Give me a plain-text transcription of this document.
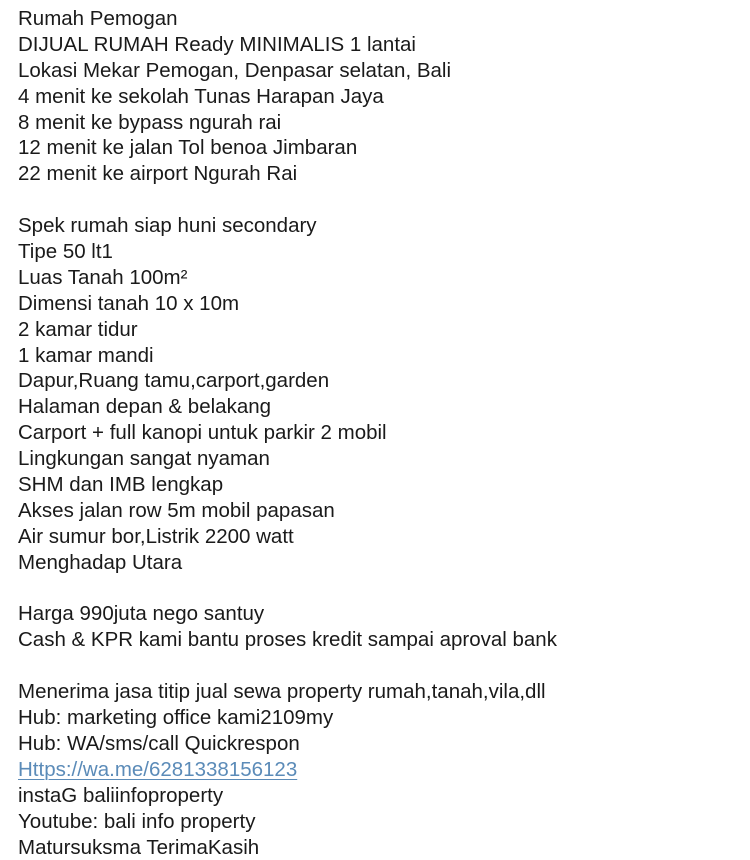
Rumah Pemogan
DIJUAL RUMAH Ready MINIMALIS 1 lantai
Lokasi Mekar Pemogan, Denpasar selatan, Bali
4 menit ke sekolah Tunas Harapan Jaya
8 menit ke bypass ngurah rai
12 menit ke jalan Tol benoa Jimbaran
22 menit ke airport Ngurah Rai
Spek rumah siap huni secondary
Tipe 50 lt1
Luas Tanah 100m²
Dimensi tanah 10 x 10m
2 kamar tidur
1 kamar mandi
Dapur,Ruang tamu,carport,garden
Halaman depan & belakang
Carport + full kanopi untuk parkir 2 mobil
Lingkungan sangat nyaman
SHM dan IMB lengkap
Akses jalan row 5m mobil papasan
Air sumur bor,Listrik 2200 watt
Menghadap Utara
Harga 990juta nego santuy
Cash & KPR kami bantu proses kredit sampai aproval bank
Menerima jasa titip jual sewa property rumah,tanah,vila,dll
Hub: marketing office kami2109my
Hub: WA/sms/call Quickrespon
Https://wa.me/6281338156123
instaG baliinfoproperty
Youtube: bali info property
Matursuksma TerimaKasih
